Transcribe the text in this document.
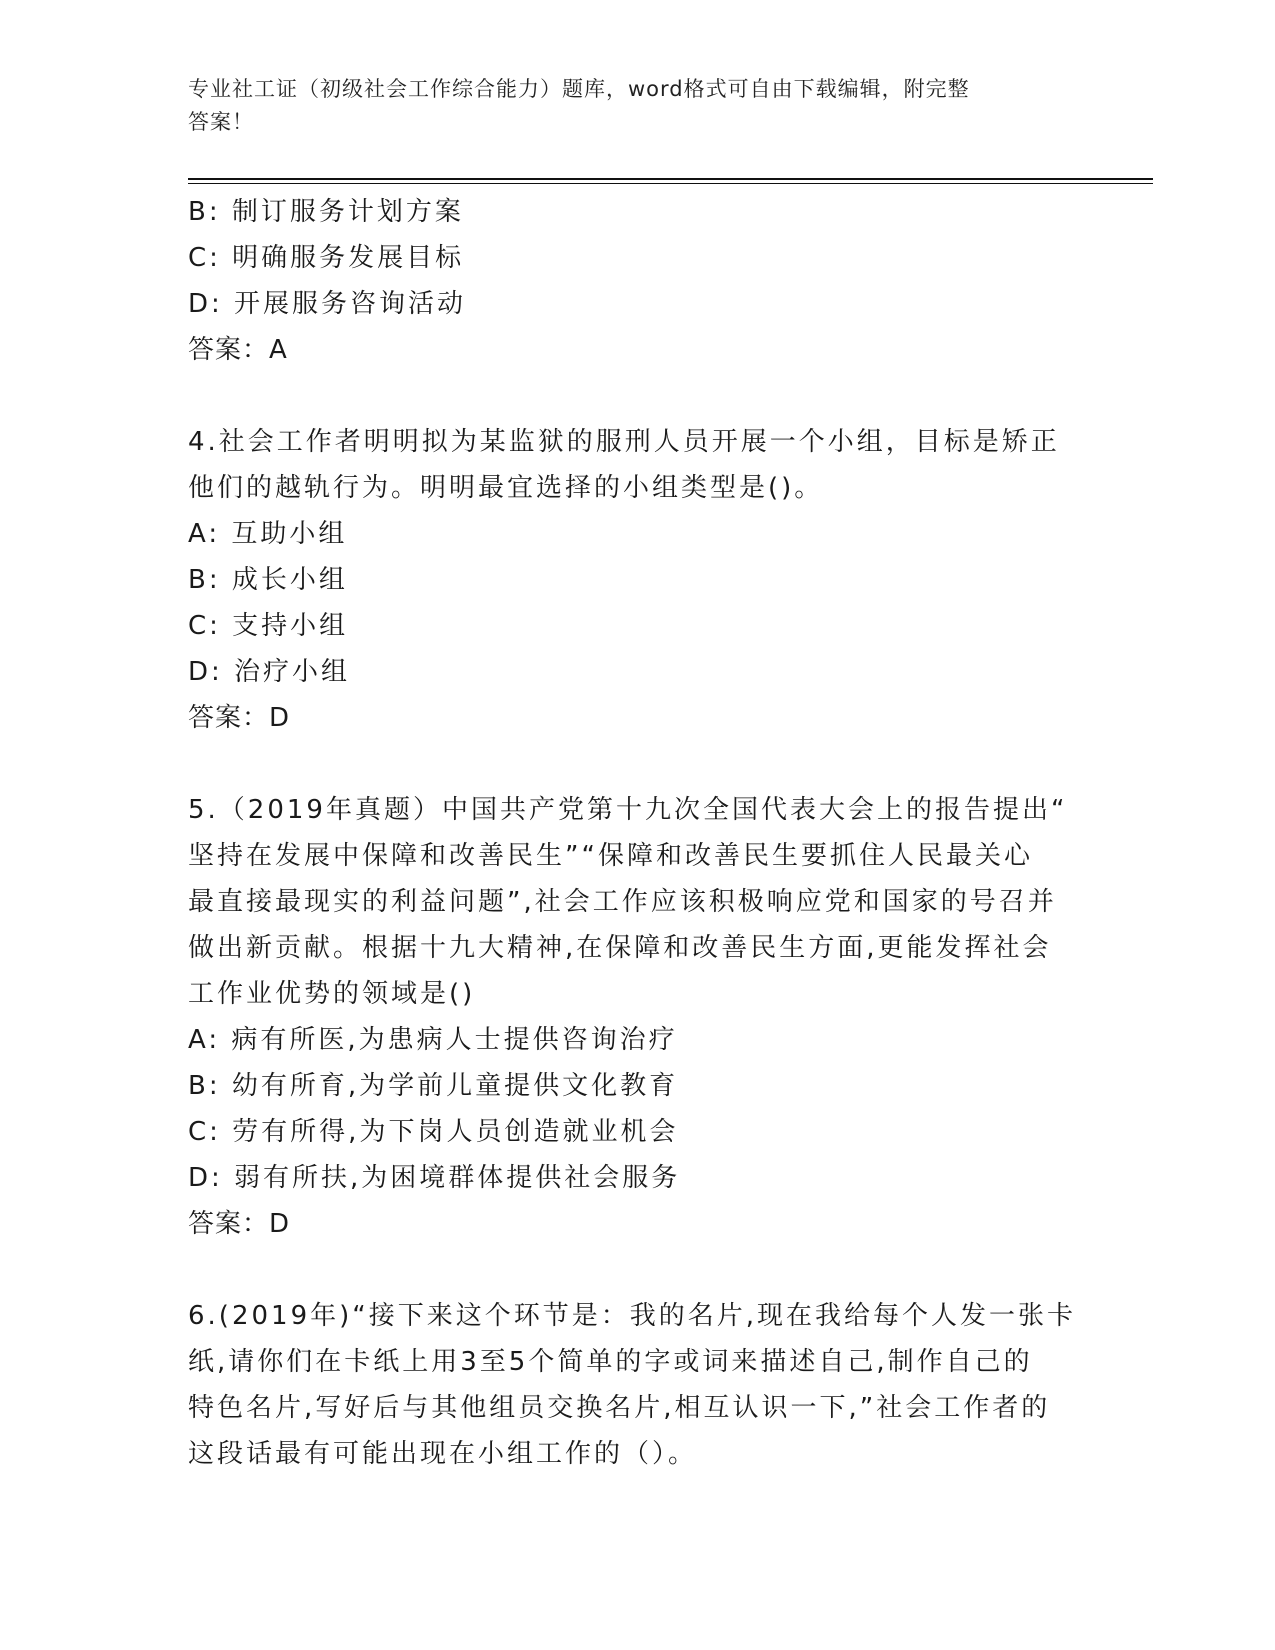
专业社工证（初级社会工作综合能力）题库，word格式可自由下载编辑，附完整
答案！
B: 制订服务计划方案
C: 明确服务发展目标
D: 开展服务咨询活动
答案：A
4.社会工作者明明拟为某监狱的服刑人员开展一个小组，目标是矫正
他们的越轨行为。明明最宜选择的小组类型是()。
A: 互助小组
B: 成长小组
C: 支持小组
D: 治疗小组
答案：D
5.（2019年真题）中国共产党第十九次全国代表大会上的报告提出“
坚持在发展中保障和改善民生”“保障和改善民生要抓住人民最关心
最直接最现实的利益问题”,社会工作应该积极响应党和国家的号召并
做出新贡献。根据十九大精神,在保障和改善民生方面,更能发挥社会
工作业优势的领域是()
A: 病有所医,为患病人士提供咨询治疗
B: 幼有所育,为学前儿童提供文化教育
C: 劳有所得,为下岗人员创造就业机会
D: 弱有所扶,为困境群体提供社会服务
答案：D
6.(2019年)“接下来这个环节是：我的名片,现在我给每个人发一张卡
纸,请你们在卡纸上用3至5个简单的字或词来描述自己,制作自己的
特色名片,写好后与其他组员交换名片,相互认识一下,”社会工作者的
这段话最有可能出现在小组工作的（）。
